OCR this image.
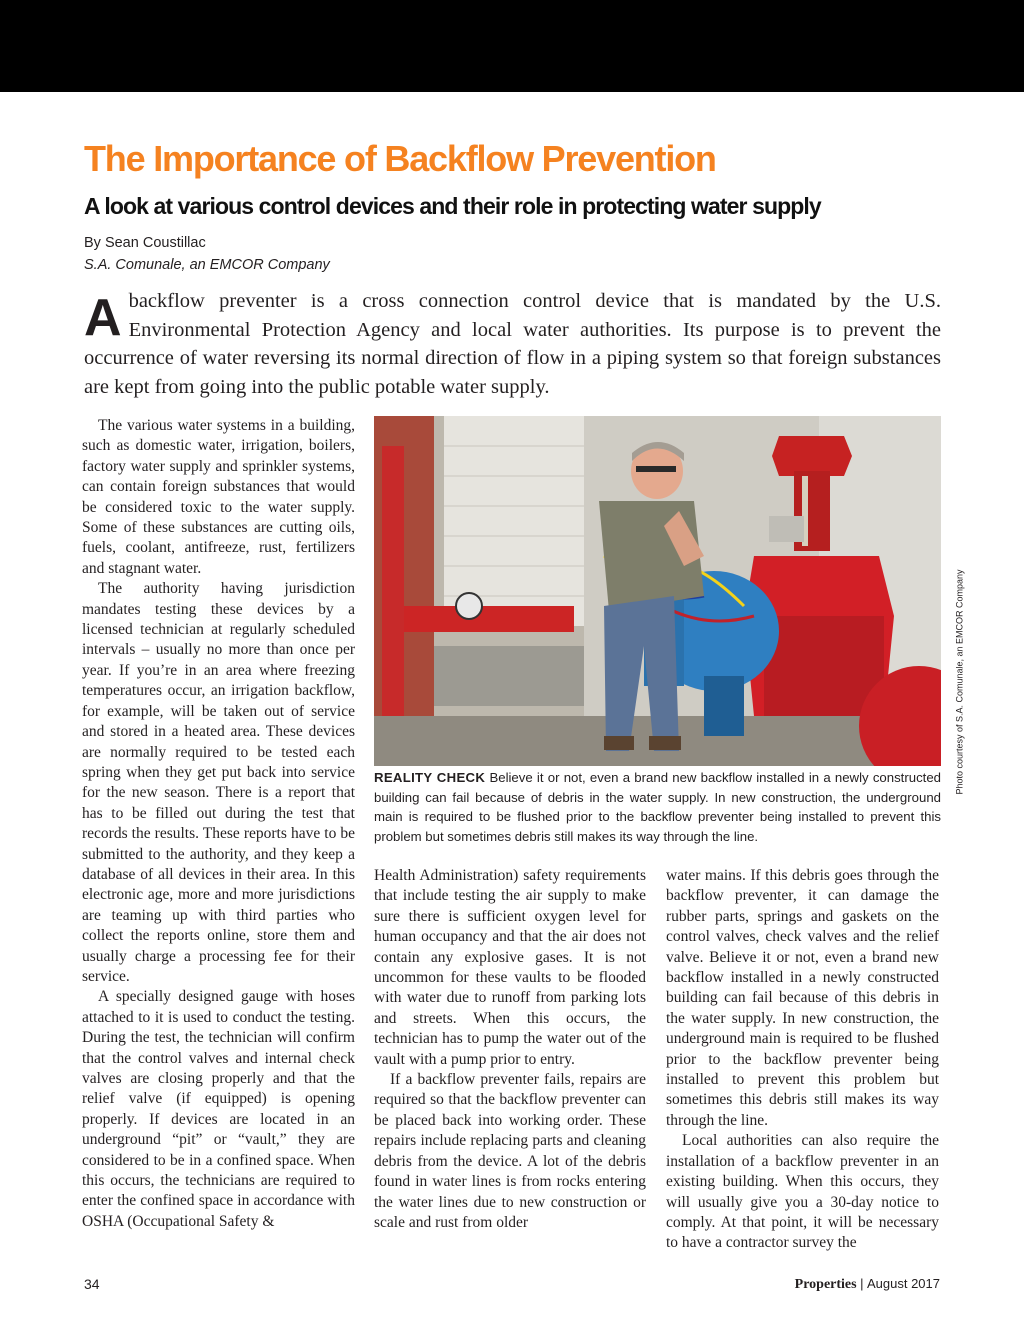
The Importance of Backflow Prevention
A look at various control devices and their role in protecting water supply
By Sean Coustillac
S.A. Comunale, an EMCOR Company
Abackflow preventer is a cross connection control device that is mandated by the U.S. Environmental Protection Agency and local water authorities. Its purpose is to prevent the occurrence of water reversing its normal direction of flow in a piping system so that foreign substances are kept from going into the public potable water supply.

The various water systems in a building, such as domestic water, irrigation, boilers, factory water supply and sprinkler systems, can contain foreign substances that would be considered toxic to the water supply. Some of these substances are cutting oils, fuels, coolant, antifreeze, rust, fertilizers and stagnant water.

The authority having jurisdiction mandates testing these devices by a licensed technician at regularly scheduled intervals – usually no more than once per year. If you’re in an area where freezing temperatures occur, an irrigation backflow, for example, will be taken out of service and stored in a heated area. These devices are normally required to be tested each spring when they get put back into service for the new season. There is a report that has to be filled out during the test that records the results. These reports have to be submitted to the authority, and they keep a database of all devices in their area. In this electronic age, more and more jurisdictions are teaming up with third parties who collect the reports online, store them and usually charge a processing fee for their service.

A specially designed gauge with hoses attached to it is used to conduct the testing. During the test, the technician will confirm that the control valves and internal check valves are closing properly and that the relief valve (if equipped) is opening properly. If devices are located in an underground “pit” or “vault,” they are considered to be in a confined space. When this occurs, the technicians are required to enter the confined space in accordance with OSHA (Occupational Safety &

Photo courtesy of S.A. Comunale, an EMCOR Company
REALITY CHECK Believe it or not, even a brand new backflow installed in a newly constructed building can fail because of debris in the water supply. In new construction, the underground main is required to be flushed prior to the backflow preventer being installed to prevent this problem but sometimes debris still makes its way through the line.

Health Administration) safety requirements that include testing the air supply to make sure there is sufficient oxygen level for human occupancy and that the air does not contain any explosive gases. It is not uncommon for these vaults to be flooded with water due to runoff from parking lots and streets. When this occurs, the technician has to pump the water out of the vault with a pump prior to entry.

If a backflow preventer fails, repairs are required so that the backflow preventer can be placed back into working order. These repairs include replacing parts and cleaning debris from the device. A lot of the debris found in water lines is from rocks entering the water lines due to new construction or scale and rust from older

water mains. If this debris goes through the backflow preventer, it can damage the rubber parts, springs and gaskets on the control valves, check valves and the relief valve. Believe it or not, even a brand new backflow installed in a newly constructed building can fail because of this debris in the water supply. In new construction, the underground main is required to be flushed prior to the backflow preventer being installed to prevent this problem but sometimes this debris still makes its way through the line.

Local authorities can also require the installation of a backflow preventer in an existing building. When this occurs, they will usually give you a 30-day notice to comply. At that point, it will be necessary to have a contractor survey the

34	Properties | August 2017
